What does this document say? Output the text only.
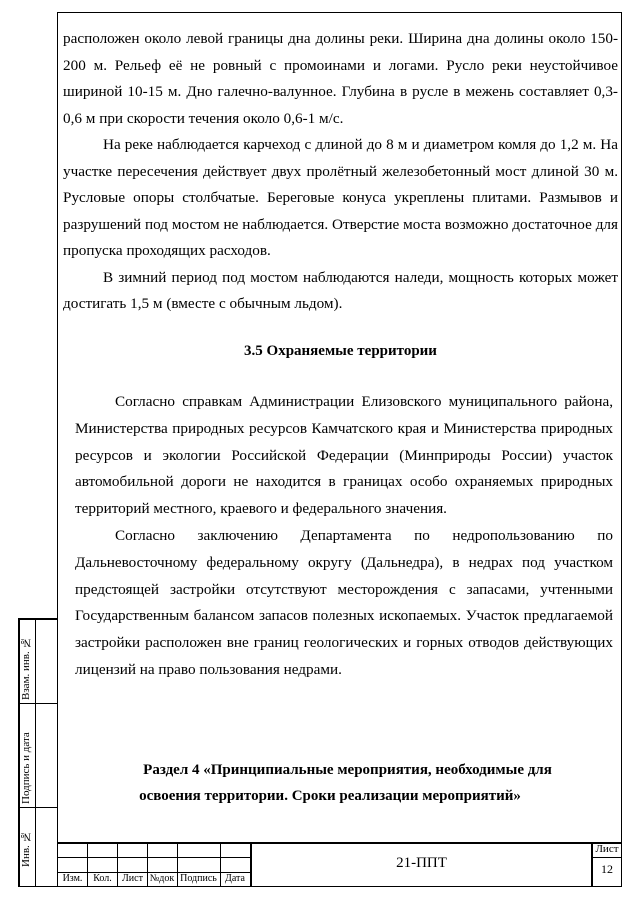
расположен около левой границы дна долины реки. Ширина дна долины около 150-200 м. Рельеф её не ровный с промоинами и логами. Русло реки неустойчивое шириной 10-15 м. Дно галечно-валунное. Глубина в русле в межень составляет 0,3-0,6 м при скорости течения около 0,6-1 м/с.

На реке наблюдается карчеход с длиной до 8 м и диаметром комля до 1,2 м. На участке пересечения действует двух пролётный железобетонный мост длиной 30 м. Русловые опоры столбчатые. Береговые конуса укреплены плитами. Размывов и разрушений под мостом не наблюдается. Отверстие моста возможно достаточное для пропуска проходящих расходов.

В зимний период под мостом наблюдаются наледи, мощность которых может достигать 1,5 м (вместе с обычным льдом).

3.5 Охраняемые территории

Согласно справкам Администрации Елизовского муниципального района, Министерства природных ресурсов Камчатского края и Министерства природных ресурсов и экологии Российской Федерации (Минприроды России) участок автомобильной дороги не находится в границах особо охраняемых природных территорий местного, краевого и федерального значения.

Согласно заключению Департамента по недропользованию по Дальневосточному федеральному округу (Дальнедра), в недрах под участком предстоящей застройки отсутствуют месторождения с запасами, учтенными Государственным балансом запасов полезных ископаемых. Участок предлагаемой застройки расположен вне границ геологических и горных отводов действующих лицензий на право пользования недрами.

Раздел 4 «Принципиальные мероприятия, необходимые для
освоения территории. Сроки реализации мероприятий»
Взам. инв. №
Подпись и дата
Инв. №
Изм.	Кол.	Лист №док Подпись Дата
21-ППТ
Лист
12
